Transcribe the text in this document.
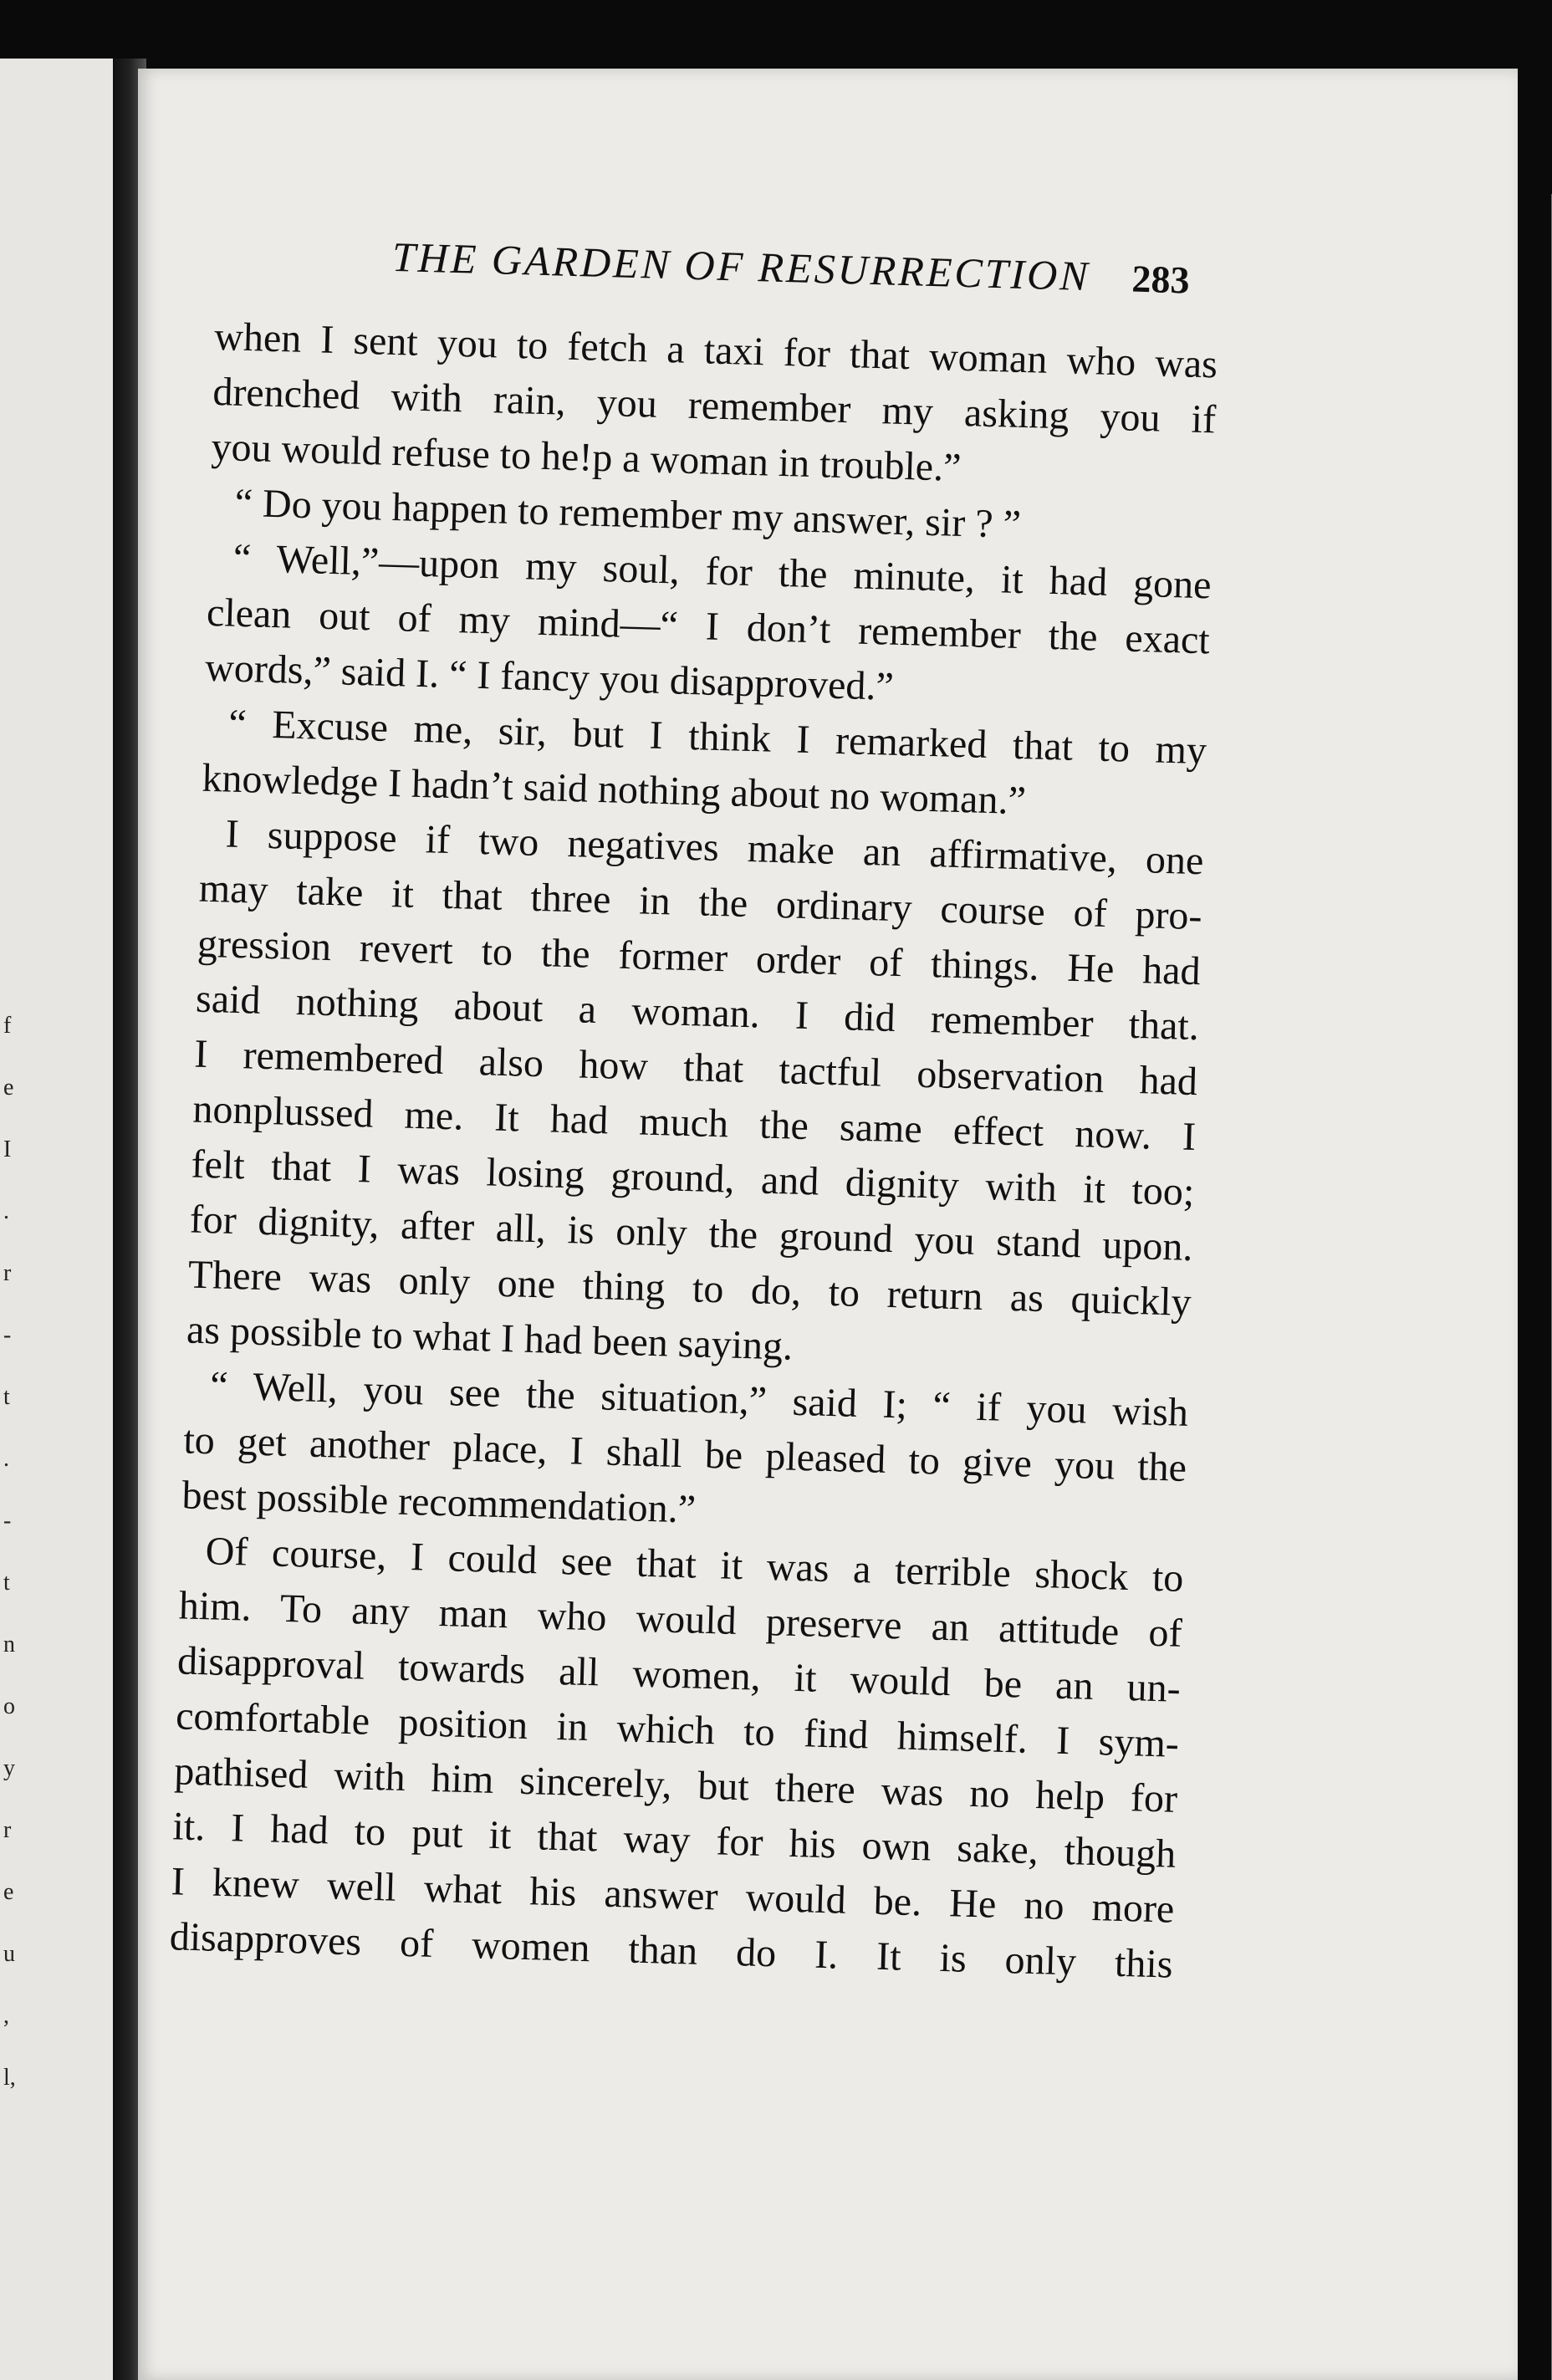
f
e
I
.
r
-
t
.
-
t
n
o
y
r
e
u
,
l,
THE GARDEN OF RESURRECTION 283
when I sent you to fetch a taxi for that woman who was
drenched with rain, you remember my asking you if
you would refuse to he!p a woman in trouble.”
“ Do you happen to remember my answer, sir ? ”
“ Well,”—upon my soul, for the minute, it had gone
clean out of my mind—“ I don’t remember the exact
words,” said I. “ I fancy you disapproved.”
“ Excuse me, sir, but I think I remarked that to my
knowledge I hadn’t said nothing about no woman.”
I suppose if two negatives make an affirmative, one
may take it that three in the ordinary course of pro-
gression revert to the former order of things. He had
said nothing about a woman. I did remember that.
I remembered also how that tactful observation had
nonplussed me. It had much the same effect now. I
felt that I was losing ground, and dignity with it too;
for dignity, after all, is only the ground you stand upon.
There was only one thing to do, to return as quickly
as possible to what I had been saying.
“ Well, you see the situation,” said I; “ if you wish
to get another place, I shall be pleased to give you the
best possible recommendation.”
Of course, I could see that it was a terrible shock to
him. To any man who would preserve an attitude of
disapproval towards all women, it would be an un-
comfortable position in which to find himself. I sym-
pathised with him sincerely, but there was no help for
it. I had to put it that way for his own sake, though
I knew well what his answer would be. He no more
disapproves of women than do I. It is only this
